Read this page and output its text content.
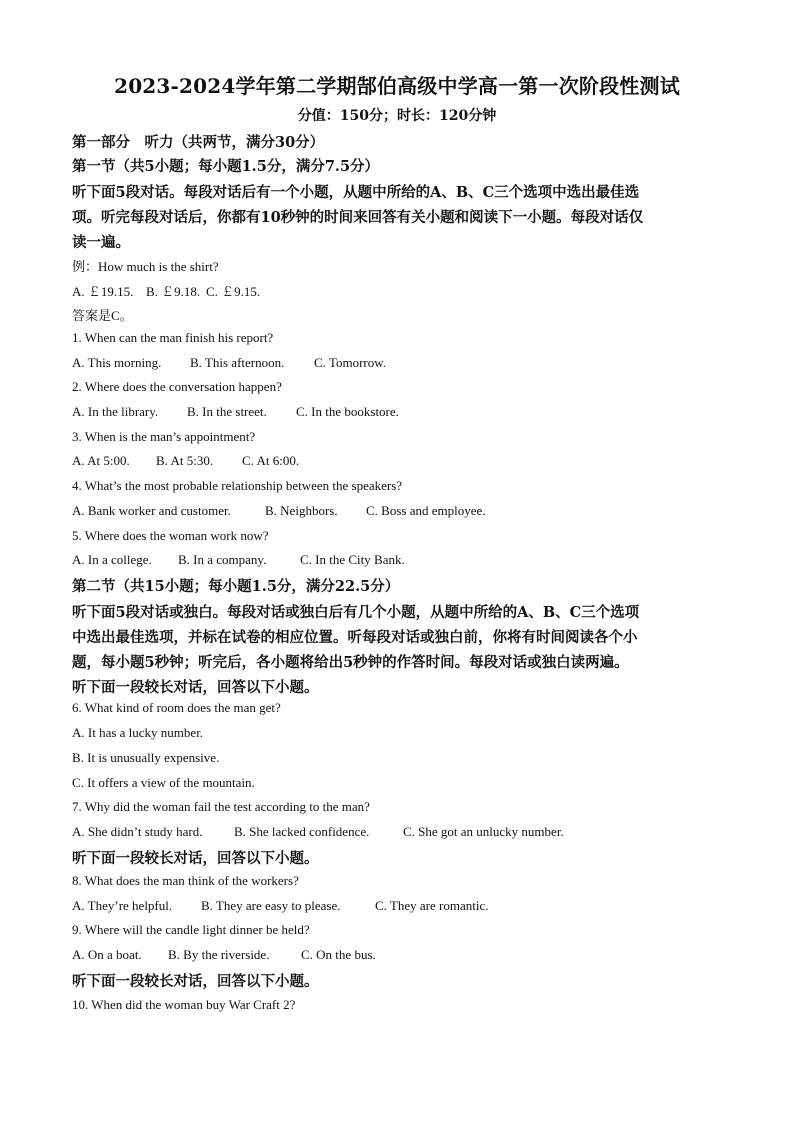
2023-2024学年第二学期郜伯高级中学高一第一次阶段性测试
分值：150分；时长：120分钟
第一部分　听力（共两节，满分30分）
第一节（共5小题；每小题1.5分，满分7.5分）
听下面5段对话。每段对话后有一个小题，从题中所给的A、B、C三个选项中选出最佳选
项。听完每段对话后，你都有10秒钟的时间来回答有关小题和阅读下一小题。每段对话仅
读一遍。
例：How much is the shirt?
A. ￡19.15. B. ￡9.18. C. ￡9.15.
答案是C。
1. When can the man finish his report?
A. This morning. B. This afternoon. C. Tomorrow.
2. Where does the conversation happen?
A. In the library. B. In the street. C. In the bookstore.
3. When is the man’s appointment?
A. At 5:00. B. At 5:30. C. At 6:00.
4. What’s the most probable relationship between the speakers?
A. Bank worker and customer.	B. Neighbors. C. Boss and employee.
5. Where does the woman work now?
A. In a college. B. In a company.	C. In the City Bank.
第二节（共15小题；每小题1.5分，满分22.5分）
听下面5段对话或独白。每段对话或独白后有几个小题，从题中所给的A、B、C三个选项
中选出最佳选项，并标在试卷的相应位置。听每段对话或独白前，你将有时间阅读各个小
题，每小题5秒钟；听完后，各小题将给出5秒钟的作答时间。每段对话或独白读两遍。
听下面一段较长对话，回答以下小题。
6. What kind of room does the man get?
A. It has a lucky number.
B. It is unusually expensive.
C. It offers a view of the mountain.
7. Why did the woman fail the test according to the man?
A. She didn’t study hard. B. She lacked confidence.	C. She got an unlucky number.
听下面一段较长对话，回答以下小题。
8. What does the man think of the workers?
A. They’re helpful. B. They are easy to please.	C. They are romantic.
9. Where will the candle light dinner be held?
A. On a boat. B. By the riverside. C. On the bus.
听下面一段较长对话，回答以下小题。
10. When did the woman buy War Craft 2?
